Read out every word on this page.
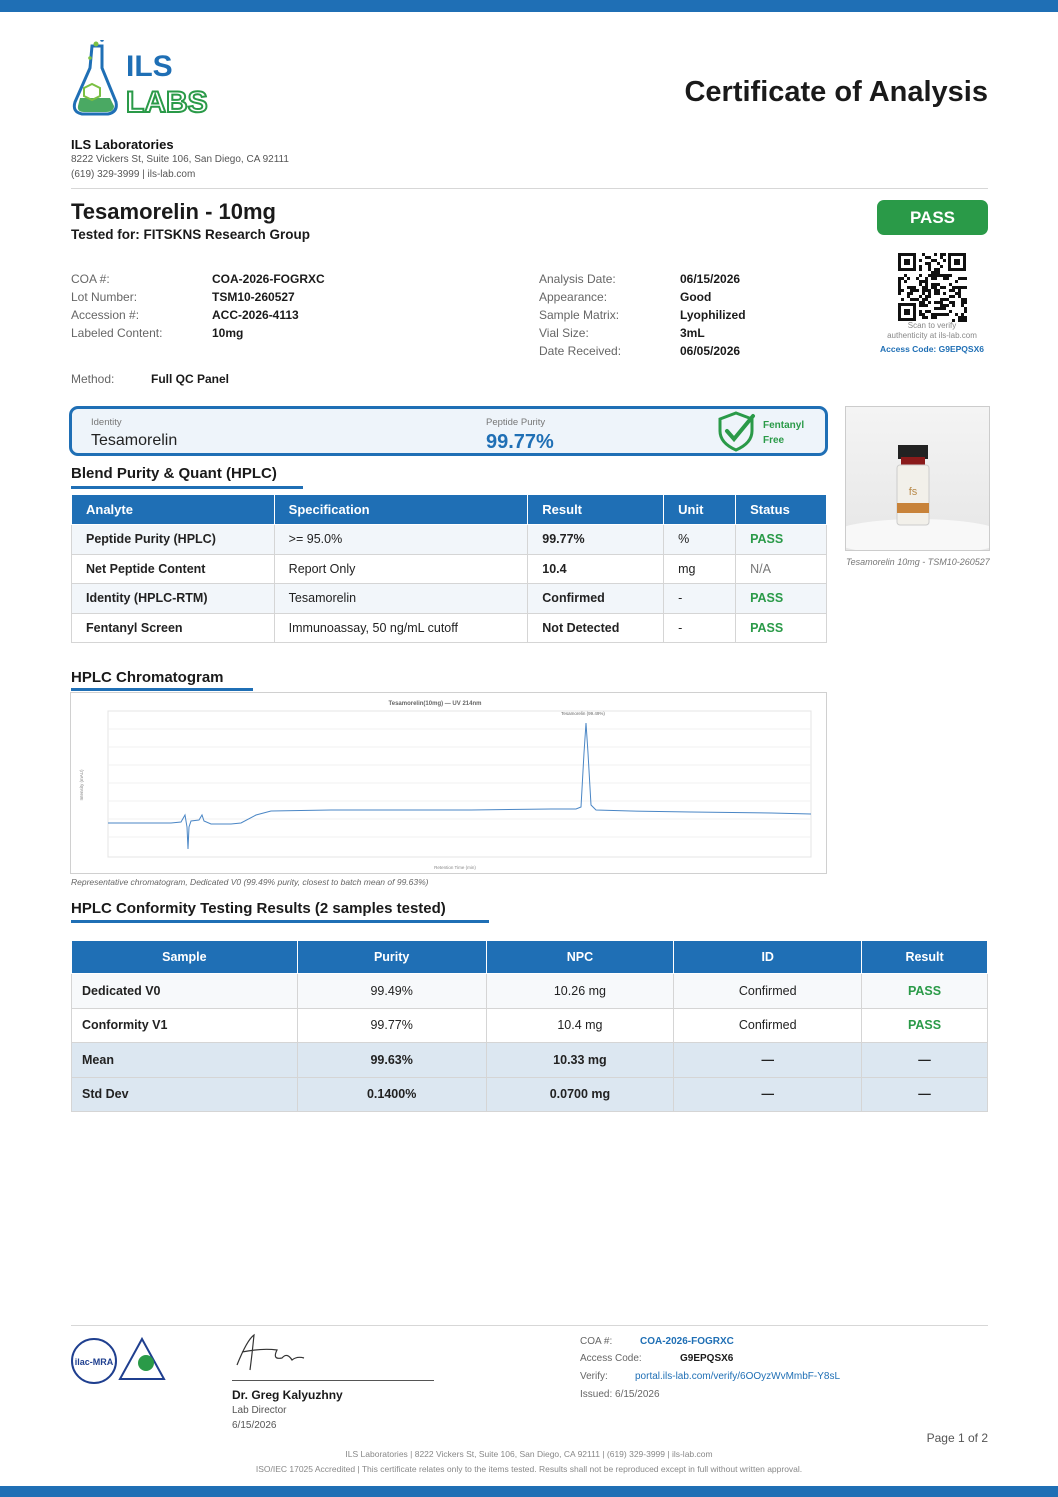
ILS
LABS	Certificate of Analysis
ILS Laboratories
8222 Vickers St, Suite 106, San Diego, CA 92111
(619) 329-3999 | ils-lab.com
Tesamorelin - 10mg
Tested for: FITSKNS Research Group
PASS
COA #:	COA-2026-FOGRXC
Lot Number:	TSM10-260527
Accession #:	ACC-2026-4113
Labeled Content:	10mg
Analysis Date:	06/15/2026
Appearance:	Good
Sample Matrix:	Lyophilized
Vial Size:	3mL
Date Received:	06/05/2026
Scan to verify
authenticity at ils-lab.com
Access Code: G9EPQSX6
Method:	Full QC Panel
Identity
Tesamorelin
Peptide Purity
99.77%
Fentanyl
Free
fs
Tesamorelin 10mg - TSM10-260527
Blend Purity & Quant (HPLC)
Analyte	Specification	Result	Unit	Status
Peptide Purity (HPLC)	>= 95.0%	99.77%	%	PASS
Net Peptide Content	Report Only	10.4	mg	N/A
Identity (HPLC-RTM)	Tesamorelin	Confirmed	-	PASS
Fentanyl Screen	Immunoassay, 50 ng/mL cutoff	Not Detected	-	PASS
HPLC Chromatogram
Tesamorelin(10mg) — UV 214nm
Intensity (mAU)
Retention Time (min)
Tesamorelin (99.49%)
Representative chromatogram, Dedicated V0 (99.49% purity, closest to batch mean of 99.63%)
HPLC Conformity Testing Results (2 samples tested)
Sample	Purity	NPC	ID	Result
Dedicated V0	99.49%	10.26 mg	Confirmed	PASS
Conformity V1	99.77%	10.4 mg	Confirmed	PASS
Mean	99.63%	10.33 mg	—	—
Std Dev	0.1400%	0.0700 mg	—	—
ilac-MRA
Dr. Greg Kalyuzhny
Lab Director
6/15/2026
COA #:	COA-2026-FOGRXC
Access Code:	G9EPQSX6
Verify:	portal.ils-lab.com/verify/6OOyzWvMmbF-Y8sL
Issued: 6/15/2026
Page 1 of 2
ILS Laboratories | 8222 Vickers St, Suite 106, San Diego, CA 92111 | (619) 329-3999 | ils-lab.com
ISO/IEC 17025 Accredited | This certificate relates only to the items tested. Results shall not be reproduced except in full without written approval.
